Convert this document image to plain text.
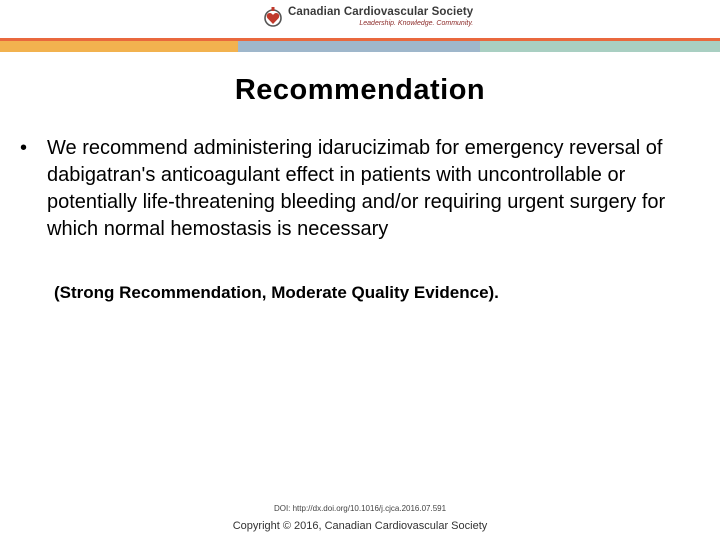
Canadian Cardiovascular Society
Leadership. Knowledge. Community.
Recommendation
• We recommend administering idarucizimab for emergency reversal of dabigatran's anticoagulant effect in patients with uncontrollable or potentially life-threatening bleeding and/or requiring urgent surgery for which normal hemostasis is necessary
(Strong Recommendation, Moderate Quality Evidence).
DOI: http://dx.doi.org/10.1016/j.cjca.2016.07.591
Copyright © 2016, Canadian Cardiovascular Society
